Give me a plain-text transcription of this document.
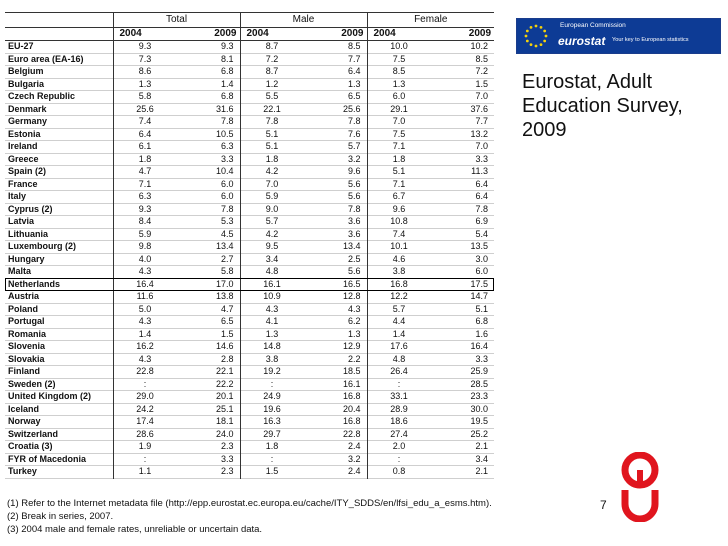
	Total		Male		Female	
	2004	2009	2004	2009	2004	2009
EU-27	9.3	9.3	8.7	8.5	10.0	10.2
Euro area (EA-16)	7.3	8.1	7.2	7.7	7.5	8.5
Belgium	8.6	6.8	8.7	6.4	8.5	7.2
Bulgaria	1.3	1.4	1.2	1.3	1.3	1.5
Czech Republic	5.8	6.8	5.5	6.5	6.0	7.0
Denmark	25.6	31.6	22.1	25.6	29.1	37.6
Germany	7.4	7.8	7.8	7.8	7.0	7.7
Estonia	6.4	10.5	5.1	7.6	7.5	13.2
Ireland	6.1	6.3	5.1	5.7	7.1	7.0
Greece	1.8	3.3	1.8	3.2	1.8	3.3
Spain (2)	4.7	10.4	4.2	9.6	5.1	11.3
France	7.1	6.0	7.0	5.6	7.1	6.4
Italy	6.3	6.0	5.9	5.6	6.7	6.4
Cyprus (2)	9.3	7.8	9.0	7.8	9.6	7.8
Latvia	8.4	5.3	5.7	3.6	10.8	6.9
Lithuania	5.9	4.5	4.2	3.6	7.4	5.4
Luxembourg (2)	9.8	13.4	9.5	13.4	10.1	13.5
Hungary	4.0	2.7	3.4	2.5	4.6	3.0
Malta	4.3	5.8	4.8	5.6	3.8	6.0
Netherlands	16.4	17.0	16.1	16.5	16.8	17.5
Austria	11.6	13.8	10.9	12.8	12.2	14.7
Poland	5.0	4.7	4.3	4.3	5.7	5.1
Portugal	4.3	6.5	4.1	6.2	4.4	6.8
Romania	1.4	1.5	1.3	1.3	1.4	1.6
Slovenia	16.2	14.6	14.8	12.9	17.6	16.4
Slovakia	4.3	2.8	3.8	2.2	4.8	3.3
Finland	22.8	22.1	19.2	18.5	26.4	25.9
Sweden (2)	:	22.2	:	16.1	:	28.5
United Kingdom (2)	29.0	20.1	24.9	16.8	33.1	23.3
Iceland	24.2	25.1	19.6	20.4	28.9	30.0
Norway	17.4	18.1	16.3	16.8	18.6	19.5
Switzerland	28.6	24.0	29.7	22.8	27.4	25.2
Croatia (3)	1.9	2.3	1.8	2.4	2.0	2.1
FYR of Macedonia	:	3.3	:	3.2	:	3.4
Turkey	1.1	2.3	1.5	2.4	0.8	2.1
(1) Refer to the Internet metadata file (http://epp.eurostat.ec.europa.eu/cache/ITY_SDDS/en/lfsi_edu_a_esms.htm).
(2) Break in series, 2007.
(3) 2004 male and female rates, unreliable or uncertain data.
European Commission
eurostat Your key to European statistics
Eurostat, Adult Education Survey, 2009
7
